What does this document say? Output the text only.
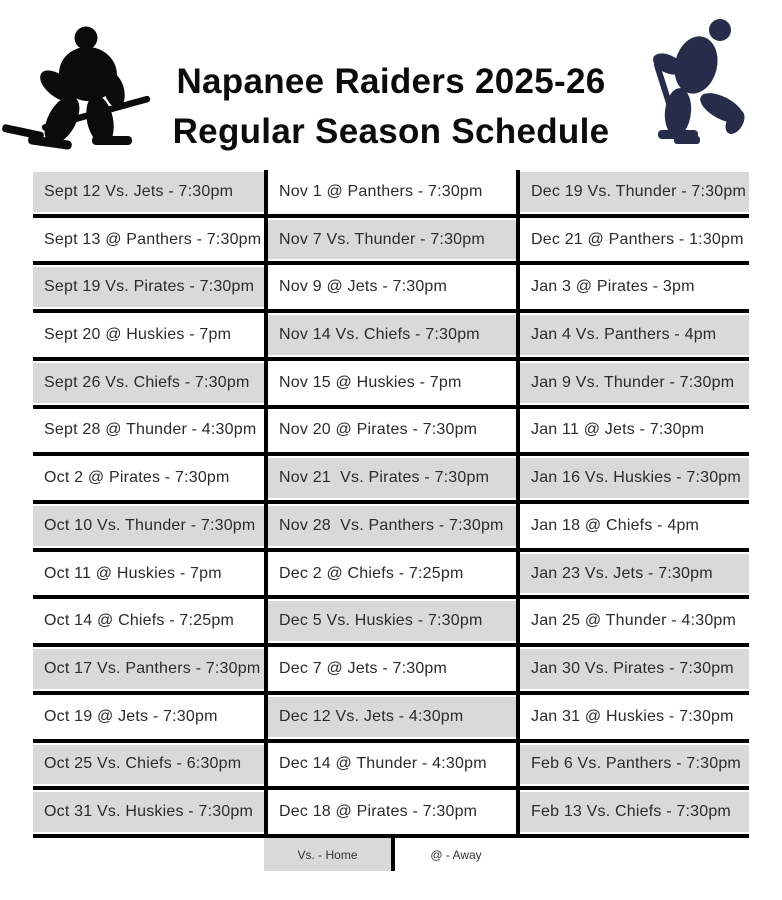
Napanee Raiders 2025-26
Regular Season Schedule
Sept 12 Vs. Jets - 7:30pm
Sept 13 @ Panthers - 7:30pm
Sept 19 Vs. Pirates - 7:30pm
Sept 20 @ Huskies - 7pm
Sept 26 Vs. Chiefs - 7:30pm
Sept 28 @ Thunder - 4:30pm
Oct 2 @ Pirates - 7:30pm
Oct 10 Vs. Thunder - 7:30pm
Oct 11 @ Huskies - 7pm
Oct 14 @ Chiefs - 7:25pm
Oct 17 Vs. Panthers - 7:30pm
Oct 19 @ Jets - 7:30pm
Oct 25 Vs. Chiefs - 6:30pm
Oct 31 Vs. Huskies - 7:30pm
Nov 1 @ Panthers - 7:30pm
Nov 7 Vs. Thunder - 7:30pm
Nov 9 @ Jets - 7:30pm
Nov 14 Vs. Chiefs - 7:30pm
Nov 15 @ Huskies - 7pm
Nov 20 @ Pirates - 7:30pm
Nov 21  Vs. Pirates - 7:30pm
Nov 28  Vs. Panthers - 7:30pm
Dec 2 @ Chiefs - 7:25pm
Dec 5 Vs. Huskies - 7:30pm
Dec 7 @ Jets - 7:30pm
Dec 12 Vs. Jets - 4:30pm
Dec 14 @ Thunder - 4:30pm
Dec 18 @ Pirates - 7:30pm
Dec 19 Vs. Thunder - 7:30pm
Dec 21 @ Panthers - 1:30pm
Jan 3 @ Pirates - 3pm
Jan 4 Vs. Panthers - 4pm
Jan 9 Vs. Thunder - 7:30pm
Jan 11 @ Jets - 7:30pm
Jan 16 Vs. Huskies - 7:30pm
Jan 18 @ Chiefs - 4pm
Jan 23 Vs. Jets - 7:30pm
Jan 25 @ Thunder - 4:30pm
Jan 30 Vs. Pirates - 7:30pm
Jan 31 @ Huskies - 7:30pm
Feb 6 Vs. Panthers - 7:30pm
Feb 13 Vs. Chiefs - 7:30pm
Vs. - Home	@ - Away
